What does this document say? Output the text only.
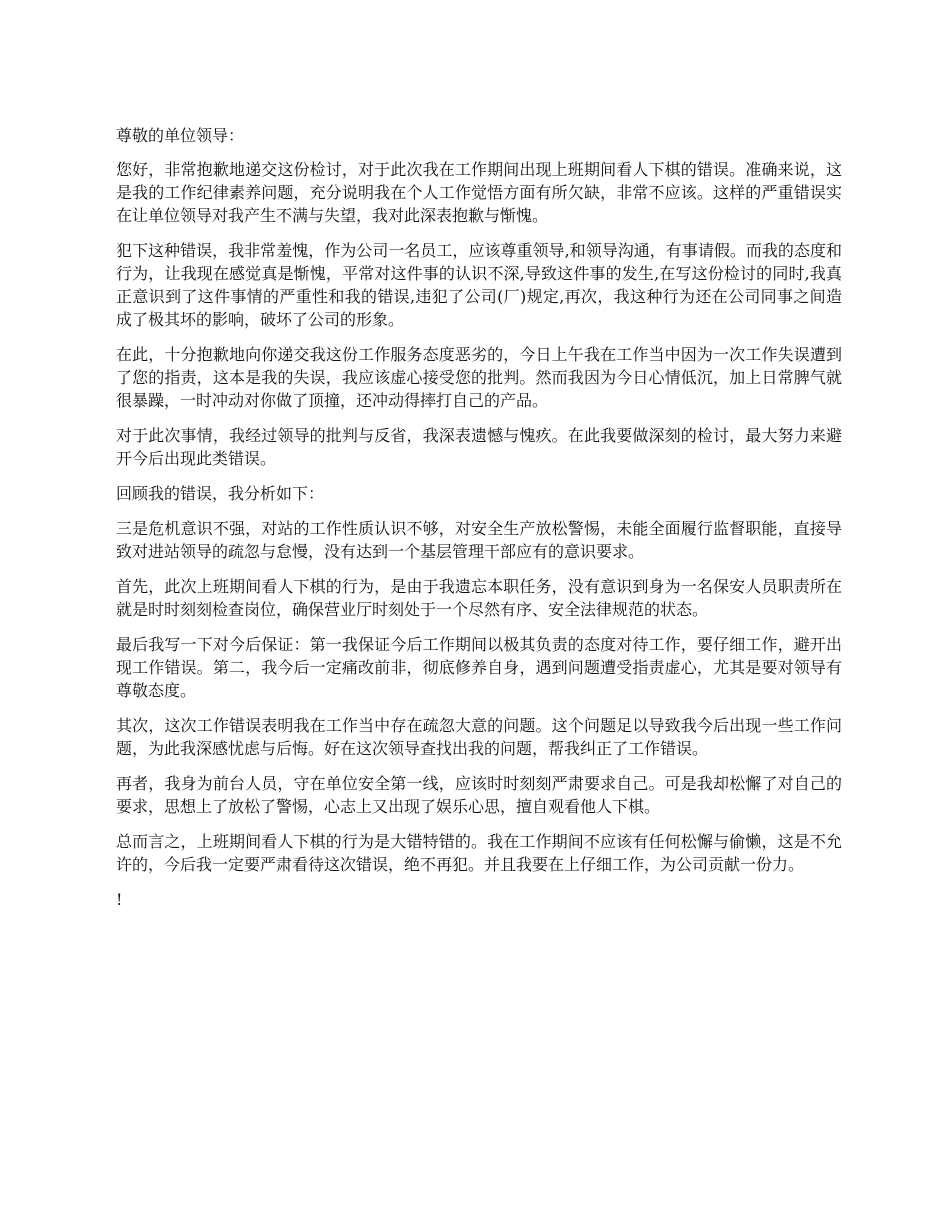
尊敬的单位领导：

您好，非常抱歉地递交这份检讨，对于此次我在工作期间出现上班期间看人下棋的错误。准确来说，这是我的工作纪律素养问题，充分说明我在个人工作觉悟方面有所欠缺，非常不应该。这样的严重错误实在让单位领导对我产生不满与失望，我对此深表抱歉与惭愧。

犯下这种错误，我非常羞愧，作为公司一名员工，应该尊重领导,和领导沟通，有事请假。而我的态度和行为，让我现在感觉真是惭愧，平常对这件事的认识不深,导致这件事的发生,在写这份检讨的同时,我真正意识到了这件事情的严重性和我的错误,违犯了公司(厂)规定,再次，我这种行为还在公司同事之间造成了极其坏的影响，破坏了公司的形象。

在此，十分抱歉地向你递交我这份工作服务态度恶劣的，今日上午我在工作当中因为一次工作失误遭到了您的指责，这本是我的失误，我应该虚心接受您的批判。然而我因为今日心情低沉，加上日常脾气就很暴躁，一时冲动对你做了顶撞，还冲动得摔打自己的产品。

对于此次事情，我经过领导的批判与反省，我深表遗憾与愧疚。在此我要做深刻的检讨，最大努力来避开今后出现此类错误。

回顾我的错误，我分析如下：

三是危机意识不强，对站的工作性质认识不够，对安全生产放松警惕，未能全面履行监督职能，直接导致对进站领导的疏忽与怠慢，没有达到一个基层管理干部应有的意识要求。

首先，此次上班期间看人下棋的行为，是由于我遗忘本职任务，没有意识到身为一名保安人员职责所在就是时时刻刻检查岗位，确保营业厅时刻处于一个尽然有序、安全法律规范的状态。

最后我写一下对今后保证：第一我保证今后工作期间以极其负责的态度对待工作，要仔细工作，避开出现工作错误。第二，我今后一定痛改前非，彻底修养自身，遇到问题遭受指责虚心，尤其是要对领导有尊敬态度。

其次，这次工作错误表明我在工作当中存在疏忽大意的问题。这个问题足以导致我今后出现一些工作问题，为此我深感忧虑与后悔。好在这次领导查找出我的问题，帮我纠正了工作错误。

再者，我身为前台人员，守在单位安全第一线，应该时时刻刻严肃要求自己。可是我却松懈了对自己的要求，思想上了放松了警惕，心志上又出现了娱乐心思，擅自观看他人下棋。

总而言之，上班期间看人下棋的行为是大错特错的。我在工作期间不应该有任何松懈与偷懒，这是不允许的，今后我一定要严肃看待这次错误，绝不再犯。并且我要在上仔细工作，为公司贡献一份力。

!
